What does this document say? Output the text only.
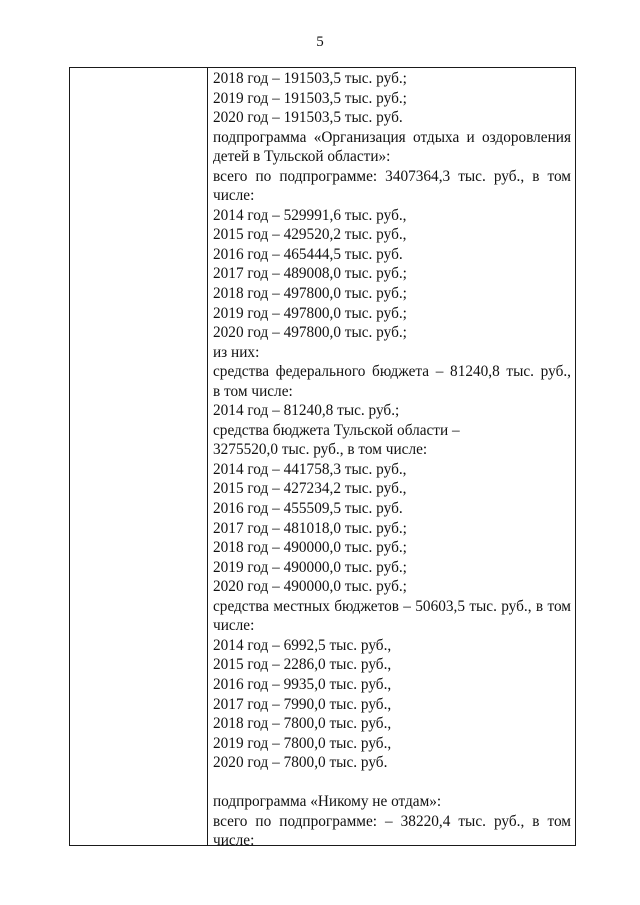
5
2018 год – 191503,5 тыс. руб.;
2019 год – 191503,5 тыс. руб.;
2020 год – 191503,5 тыс. руб.
подпрограмма «Организация отдыха и оздоровления
детей в Тульской области»:
всего по подпрограмме: 3407364,3 тыс. руб., в том
числе:
2014 год – 529991,6 тыс. руб.,
2015 год – 429520,2 тыс. руб.,
2016 год – 465444,5 тыс. руб.
2017 год – 489008,0 тыс. руб.;
2018 год – 497800,0 тыс. руб.;
2019 год – 497800,0 тыс. руб.;
2020 год – 497800,0 тыс. руб.;
из них:
средства федерального бюджета – 81240,8 тыс. руб.,
в том числе:
2014 год – 81240,8 тыс. руб.;
средства бюджета Тульской области –
3275520,0 тыс. руб., в том числе:
2014 год – 441758,3 тыс. руб.,
2015 год – 427234,2 тыс. руб.,
2016 год – 455509,5 тыс. руб.
2017 год – 481018,0 тыс. руб.;
2018 год – 490000,0 тыс. руб.;
2019 год – 490000,0 тыс. руб.;
2020 год – 490000,0 тыс. руб.;
средства местных бюджетов – 50603,5 тыс. руб., в том
числе:
2014 год – 6992,5 тыс. руб.,
2015 год – 2286,0 тыс. руб.,
2016 год – 9935,0 тыс. руб.,
2017 год – 7990,0 тыс. руб.,
2018 год – 7800,0 тыс. руб.,
2019 год – 7800,0 тыс. руб.,
2020 год – 7800,0 тыс. руб.
подпрограмма «Никому не отдам»:
всего по подпрограмме: – 38220,4 тыс. руб., в том
числе:
